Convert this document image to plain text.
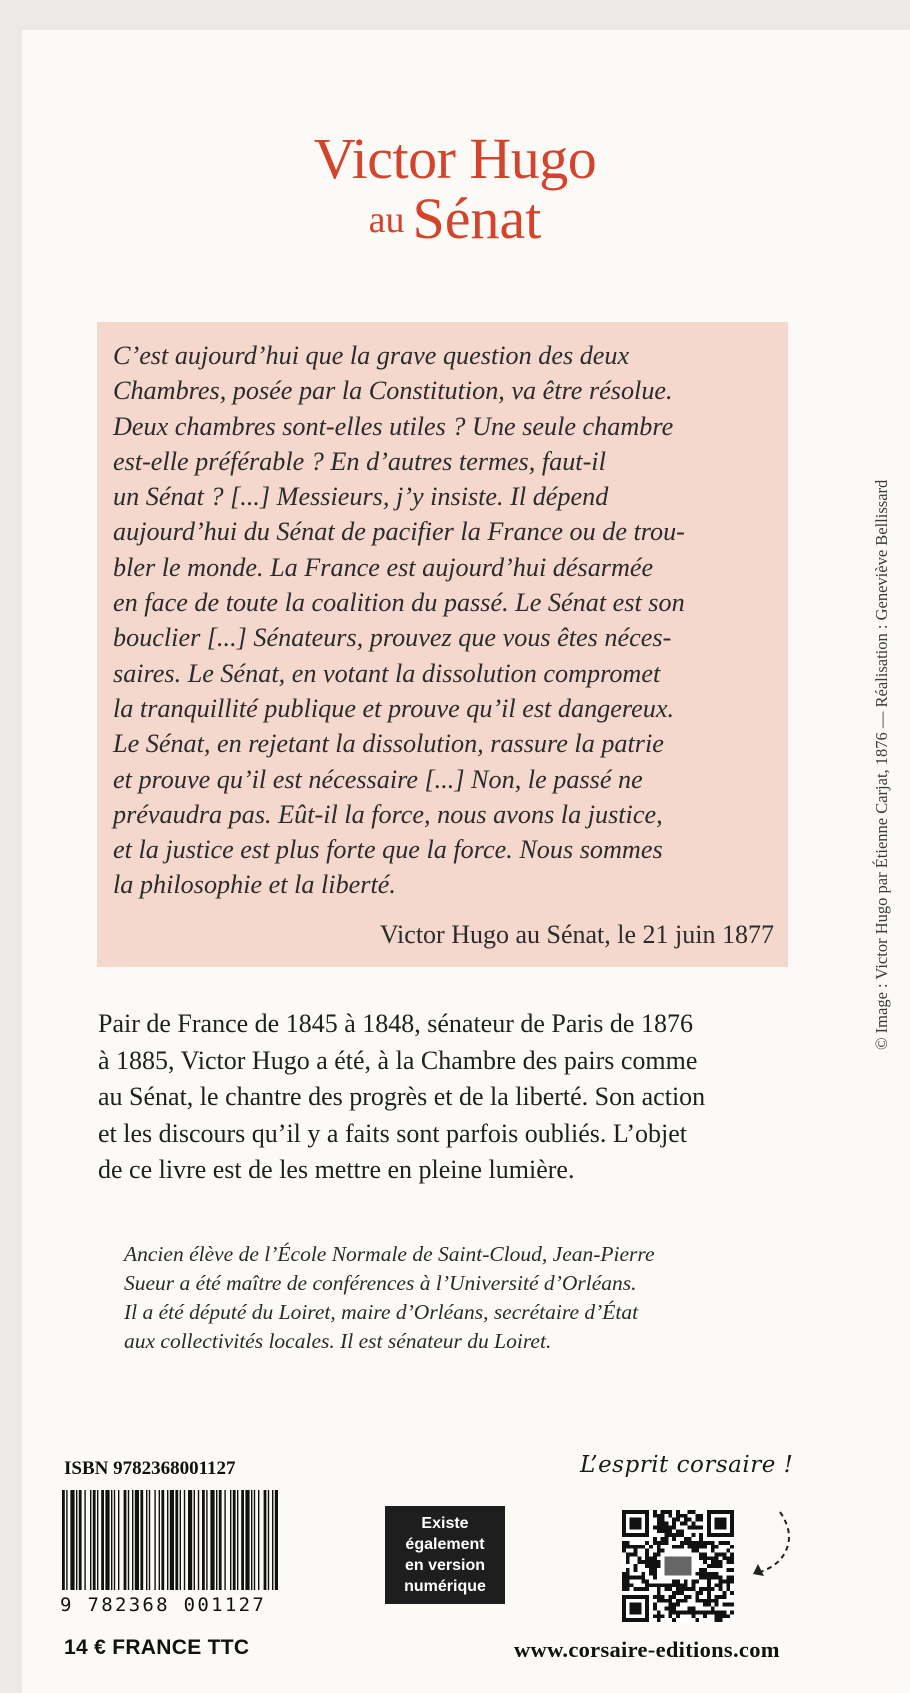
Victor Hugo
au Sénat

C’est aujourd’hui que la grave question des deux
Chambres, posée par la Constitution, va être résolue.
Deux chambres sont-elles utiles ? Une seule chambre
est-elle préférable ? En d’autres termes, faut-il
un Sénat ? [...] Messieurs, j’y insiste. Il dépend
aujourd’hui du Sénat de pacifier la France ou de trou-
bler le monde. La France est aujourd’hui désarmée
en face de toute la coalition du passé. Le Sénat est son
bouclier [...] Sénateurs, prouvez que vous êtes néces-
saires. Le Sénat, en votant la dissolution compromet
la tranquillité publique et prouve qu’il est dangereux.
Le Sénat, en rejetant la dissolution, rassure la patrie
et prouve qu’il est nécessaire [...] Non, le passé ne
prévaudra pas. Eût-il la force, nous avons la justice,
et la justice est plus forte que la force. Nous sommes
la philosophie et la liberté.

Victor Hugo au Sénat, le 21 juin 1877

Pair de France de 1845 à 1848, sénateur de Paris de 1876
à 1885, Victor Hugo a été, à la Chambre des pairs comme
au Sénat, le chantre des progrès et de la liberté. Son action
et les discours qu’il y a faits sont parfois oubliés. L’objet
de ce livre est de les mettre en pleine lumière.

Ancien élève de l’École Normale de Saint-Cloud, Jean-Pierre
Sueur a été maître de conférences à l’Université d’Orléans.
Il a été député du Loiret, maire d’Orléans, secrétaire d’État
aux collectivités locales. Il est sénateur du Loiret.

© Image : Victor Hugo par Étienne Carjat, 1876 — Réalisation : Geneviève Bellissard
ISBN 9782368001127
9 782368 001127
14 € FRANCE TTC
Existe
également
en version
numérique
L’esprit corsaire !
www.corsaire-editions.com
